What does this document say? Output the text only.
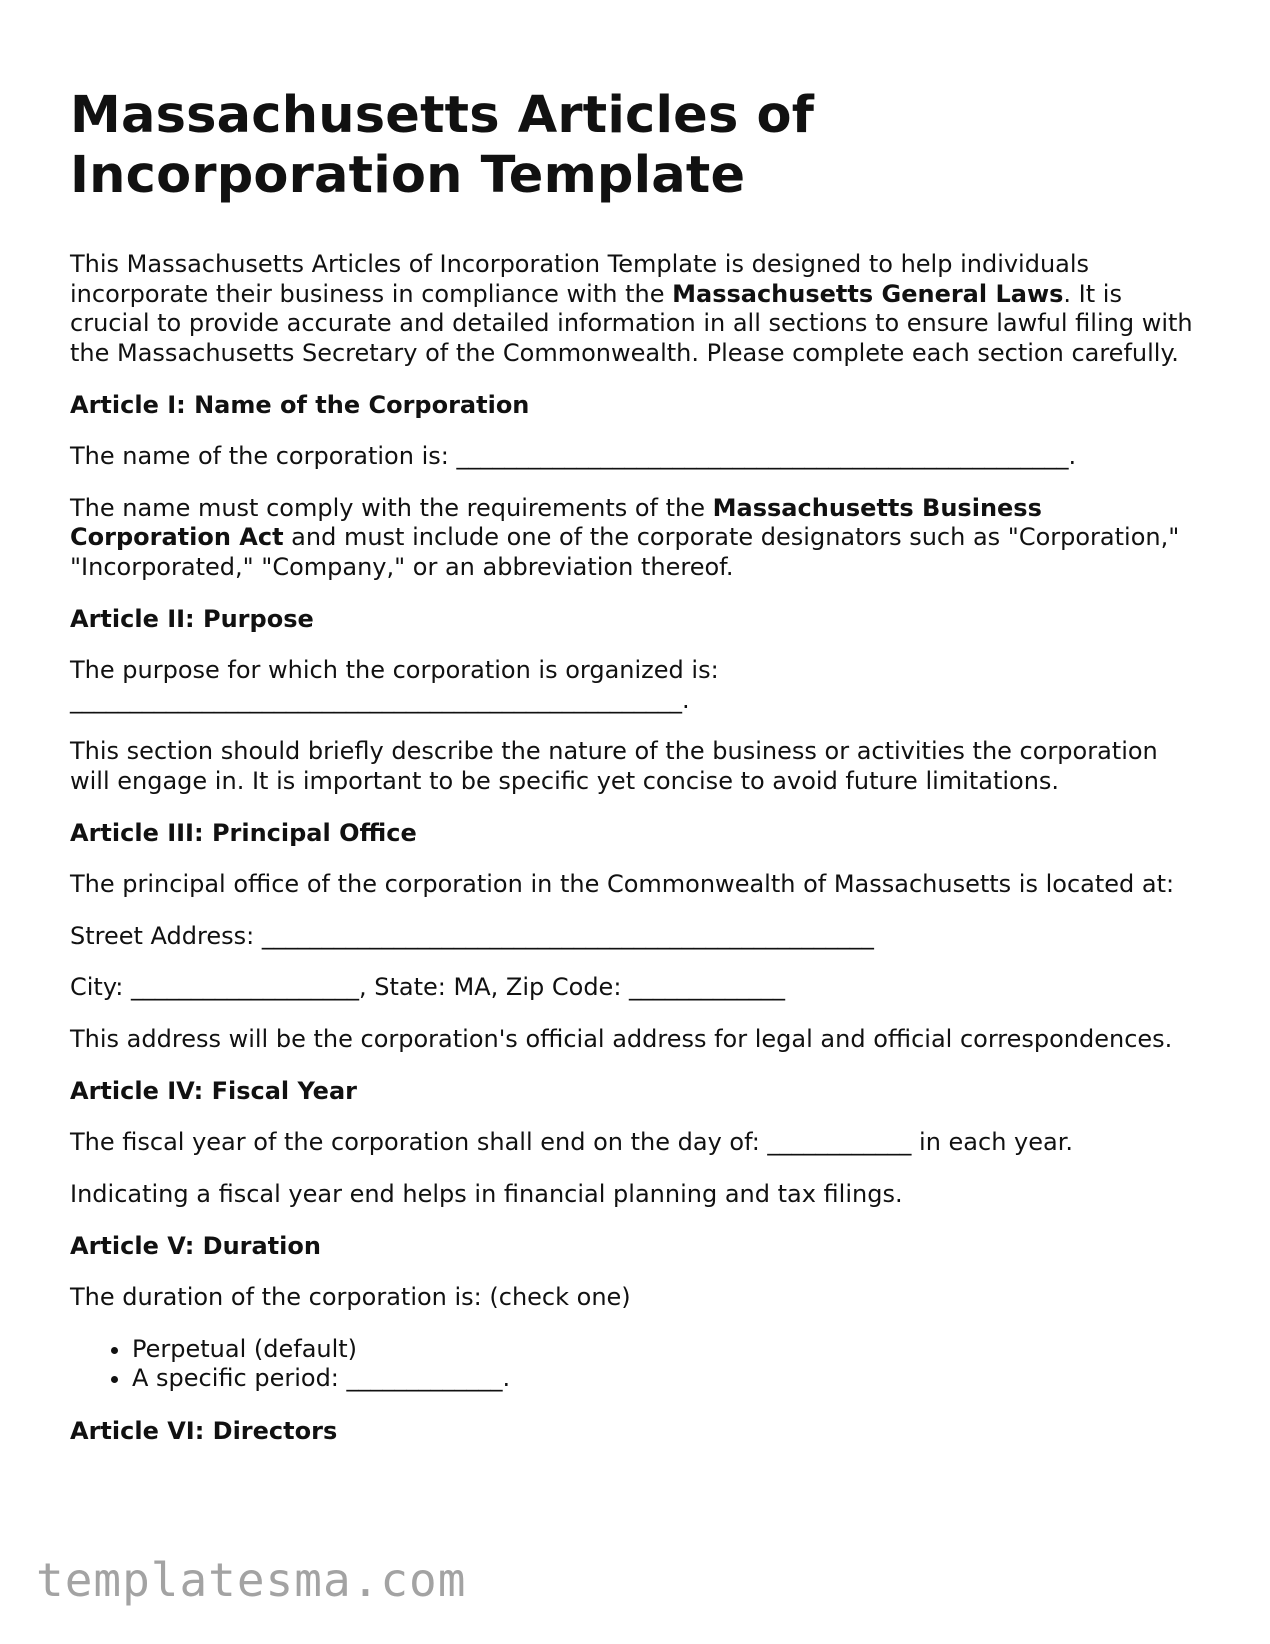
Massachusetts Articles of Incorporation Template

This Massachusetts Articles of Incorporation Template is designed to help individuals incorporate their business in compliance with the Massachusetts General Laws. It is crucial to provide accurate and detailed information in all sections to ensure lawful filing with the Massachusetts Secretary of the Commonwealth. Please complete each section carefully.

Article I: Name of the Corporation

The name of the corporation is: ___________________________________________________.

The name must comply with the requirements of the Massachusetts Business Corporation Act and must include one of the corporate designators such as "Corporation," "Incorporated," "Company," or an abbreviation thereof.

Article II: Purpose

The purpose for which the corporation is organized is:
___________________________________________________.

This section should briefly describe the nature of the business or activities the corporation will engage in. It is important to be specific yet concise to avoid future limitations.

Article III: Principal Office

The principal office of the corporation in the Commonwealth of Massachusetts is located at:

Street Address: ___________________________________________________

City: ___________________, State: MA, Zip Code: _____________

This address will be the corporation's official address for legal and official correspondences.

Article IV: Fiscal Year

The fiscal year of the corporation shall end on the day of: ____________ in each year.

Indicating a fiscal year end helps in financial planning and tax filings.

Article V: Duration

The duration of the corporation is: (check one)

• Perpetual (default)
• A specific period: _____________.
Article VI: Directors
templatesma.com
